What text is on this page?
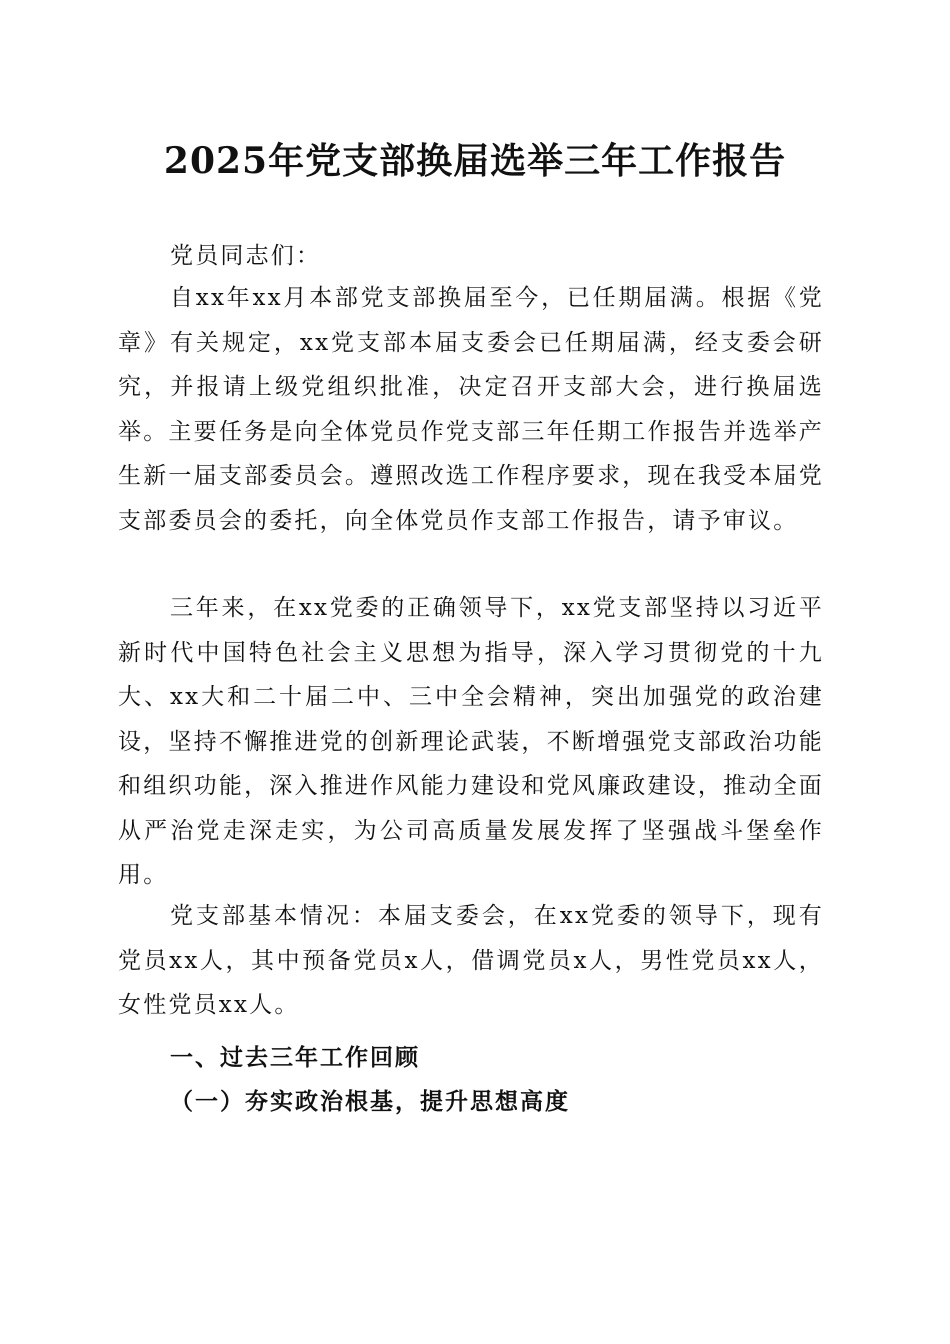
2025年党支部换届选举三年工作报告
党员同志们：

自xx年xx月本部党支部换届至今，已任期届满。根据《党章》有关规定，xx党支部本届支委会已任期届满，经支委会研究，并报请上级党组织批准，决定召开支部大会，进行换届选举。主要任务是向全体党员作党支部三年任期工作报告并选举产生新一届支部委员会。遵照改选工作程序要求，现在我受本届党支部委员会的委托，向全体党员作支部工作报告，请予审议。

三年来，在xx党委的正确领导下，xx党支部坚持以习近平新时代中国特色社会主义思想为指导，深入学习贯彻党的十九大、xx大和二十届二中、三中全会精神，突出加强党的政治建设，坚持不懈推进党的创新理论武装，不断增强党支部政治功能和组织功能，深入推进作风能力建设和党风廉政建设，推动全面从严治党走深走实，为公司高质量发展发挥了坚强战斗堡垒作用。

党支部基本情况：本届支委会，在xx党委的领导下，现有党员xx人，其中预备党员x人，借调党员x人，男性党员xx人，女性党员xx人。

一、过去三年工作回顾
（一）夯实政治根基，提升思想高度
